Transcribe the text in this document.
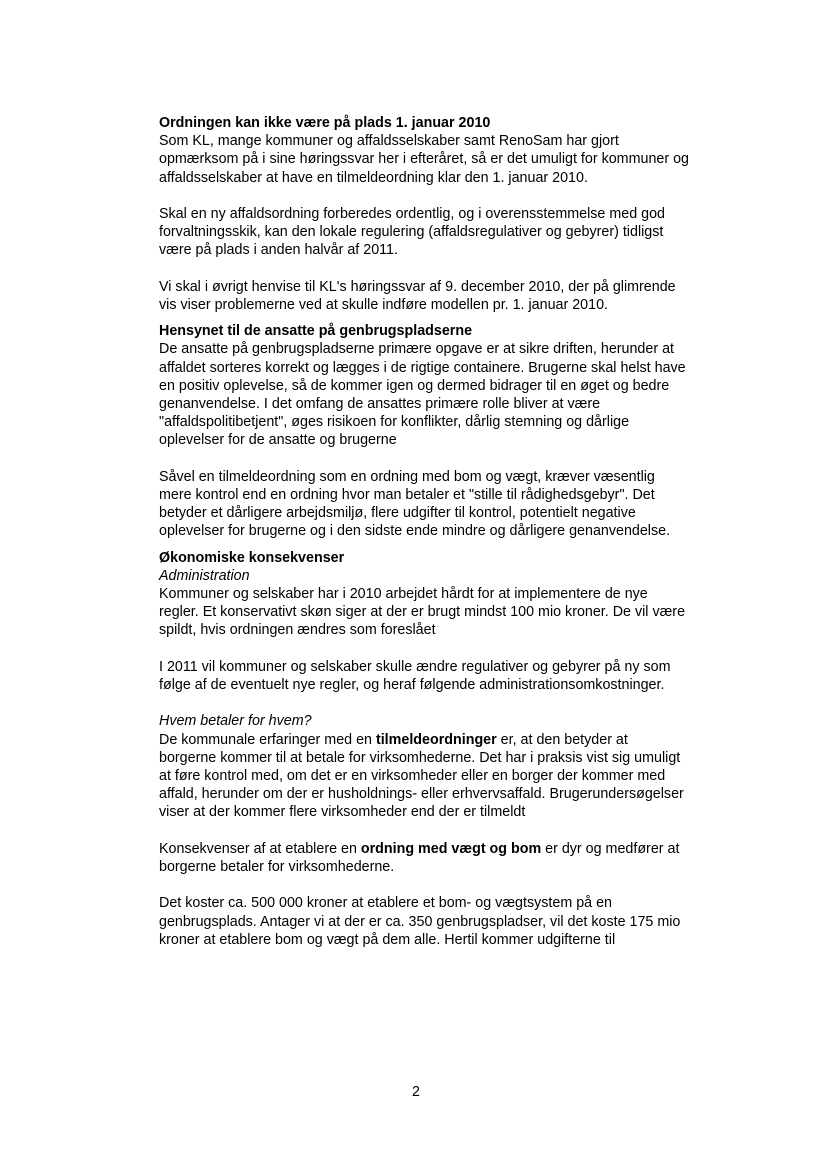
Ordningen kan ikke være på plads 1. januar 2010

Som KL, mange kommuner og affaldsselskaber samt RenoSam har gjort opmærksom på i sine høringssvar her i efteråret, så er det umuligt for kommuner og affaldsselskaber at have en tilmeldeordning klar den 1. januar 2010.

Skal en ny affaldsordning forberedes ordentlig, og i overensstemmelse med god forvaltningsskik, kan den lokale regulering (affaldsregulativer og gebyrer) tidligst være på plads i anden halvår af 2011.

Vi skal i øvrigt henvise til KL's høringssvar af 9. december 2010, der på glimrende vis viser problemerne ved at skulle indføre modellen pr. 1. januar 2010.

Hensynet til de ansatte på genbrugspladserne

De ansatte på genbrugspladserne primære opgave er at sikre driften, herunder at affaldet sorteres korrekt og lægges i de rigtige containere. Brugerne skal helst have en positiv oplevelse, så de kommer igen og dermed bidrager til en øget og bedre genanvendelse. I det omfang de ansattes primære rolle bliver at være "affaldspolitibetjent", øges risikoen for konflikter, dårlig stemning og dårlige oplevelser for de ansatte og brugerne

Såvel en tilmeldeordning som en ordning med bom og vægt, kræver væsentlig mere kontrol end en ordning hvor man betaler et "stille til rådighedsgebyr". Det betyder et dårligere arbejdsmiljø, flere udgifter til kontrol, potentielt negative oplevelser for brugerne og i den sidste ende mindre og dårligere genanvendelse.

Økonomiske konsekvenser

Administration

Kommuner og selskaber har i 2010 arbejdet hårdt for at implementere de nye regler. Et konservativt skøn siger at der er brugt mindst 100 mio kroner. De vil være spildt, hvis ordningen ændres som foreslået

I 2011 vil kommuner og selskaber skulle ændre regulativer og gebyrer på ny som følge af de eventuelt nye regler, og heraf følgende administrationsomkostninger.

Hvem betaler for hvem?

De kommunale erfaringer med en tilmeldeordninger er, at den betyder at borgerne kommer til at betale for virksomhederne. Det har i praksis vist sig umuligt at føre kontrol med, om det er en virksomheder eller en borger der kommer med affald, herunder om der er husholdnings- eller erhvervsaffald. Brugerundersøgelser viser at der kommer flere virksomheder end der er tilmeldt

Konsekvenser af at etablere en ordning med vægt og bom er dyr og medfører at borgerne betaler for virksomhederne.

Det koster ca. 500 000 kroner at etablere et bom- og vægtsystem på en genbrugsplads. Antager vi at der er ca. 350 genbrugspladser, vil det koste 175 mio kroner at etablere bom og vægt på dem alle. Hertil kommer udgifterne til

2
